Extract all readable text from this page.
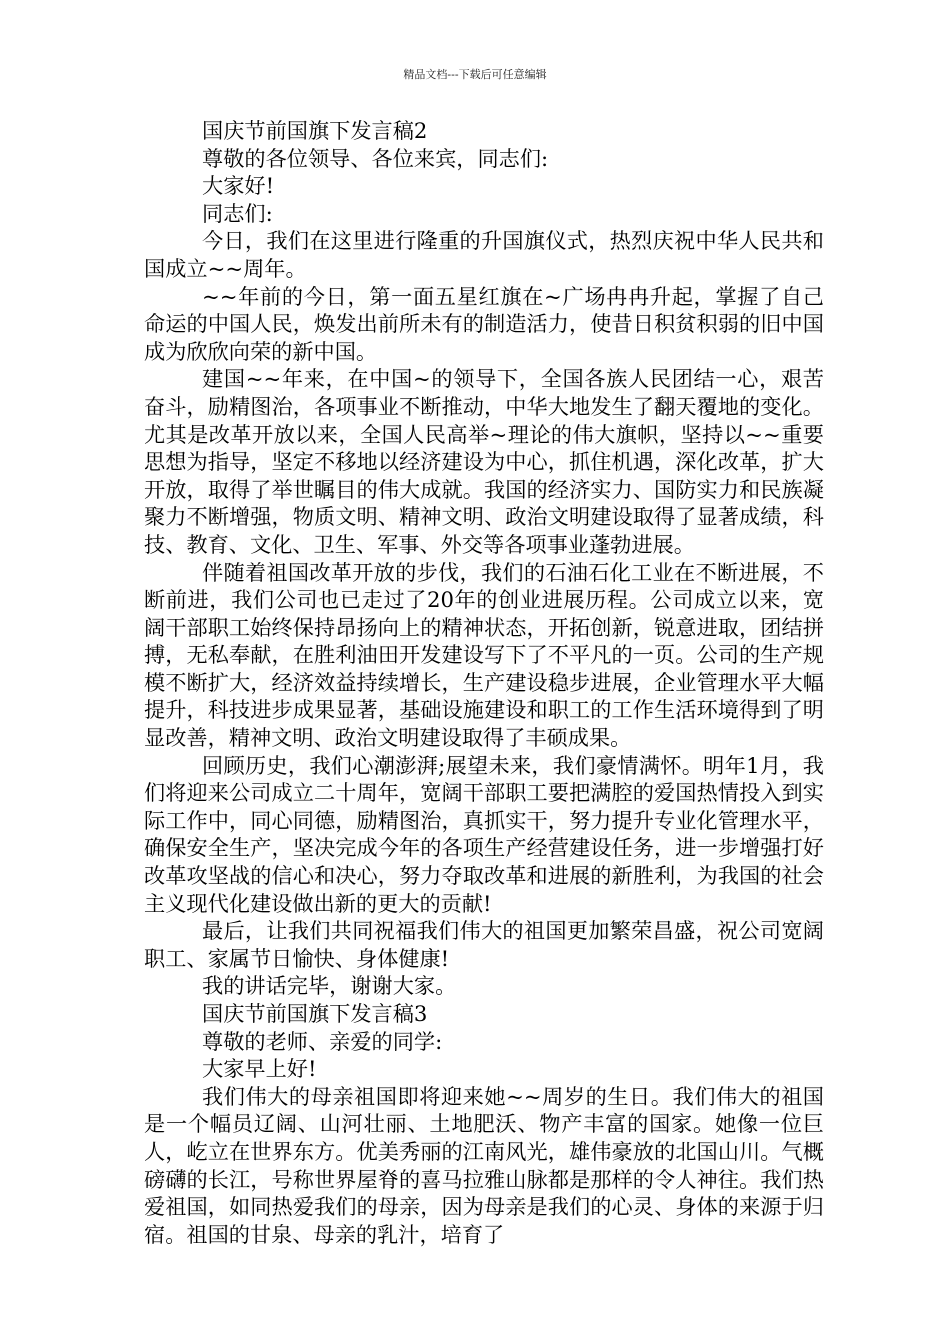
精品文档---下载后可任意编辑

国庆节前国旗下发言稿2

尊敬的各位领导、各位来宾，同志们:

大家好!

同志们:

今日，我们在这里进行隆重的升国旗仪式，热烈庆祝中华人民共和国成立~~周年。

~~年前的今日，第一面五星红旗在~广场冉冉升起，掌握了自己命运的中国人民，焕发出前所未有的制造活力，使昔日积贫积弱的旧中国成为欣欣向荣的新中国。

建国~~年来，在中国~的领导下，全国各族人民团结一心，艰苦奋斗，励精图治，各项事业不断推动，中华大地发生了翻天覆地的变化。尤其是改革开放以来，全国人民高举~理论的伟大旗帜，坚持以~~重要思想为指导，坚定不移地以经济建设为中心，抓住机遇，深化改革，扩大开放，取得了举世瞩目的伟大成就。我国的经济实力、国防实力和民族凝聚力不断增强，物质文明、精神文明、政治文明建设取得了显著成绩，科技、教育、文化、卫生、军事、外交等各项事业蓬勃进展。

伴随着祖国改革开放的步伐，我们的石油石化工业在不断进展，不断前进，我们公司也已走过了20年的创业进展历程。公司成立以来，宽阔干部职工始终保持昂扬向上的精神状态，开拓创新，锐意进取，团结拼搏，无私奉献，在胜利油田开发建设写下了不平凡的一页。公司的生产规模不断扩大，经济效益持续增长，生产建设稳步进展，企业管理水平大幅提升，科技进步成果显著，基础设施建设和职工的工作生活环境得到了明显改善，精神文明、政治文明建设取得了丰硕成果。

回顾历史，我们心潮澎湃;展望未来，我们豪情满怀。明年1月，我们将迎来公司成立二十周年，宽阔干部职工要把满腔的爱国热情投入到实际工作中，同心同德，励精图治，真抓实干，努力提升专业化管理水平，确保安全生产，坚决完成今年的各项生产经营建设任务，进一步增强打好改革攻坚战的信心和决心，努力夺取改革和进展的新胜利，为我国的社会主义现代化建设做出新的更大的贡献!

最后，让我们共同祝福我们伟大的祖国更加繁荣昌盛，祝公司宽阔职工、家属节日愉快、身体健康!

我的讲话完毕，谢谢大家。

国庆节前国旗下发言稿3

尊敬的老师、亲爱的同学:

大家早上好!

我们伟大的母亲祖国即将迎来她~~周岁的生日。我们伟大的祖国是一个幅员辽阔、山河壮丽、土地肥沃、物产丰富的国家。她像一位巨人，屹立在世界东方。优美秀丽的江南风光，雄伟豪放的北国山川。气概磅礴的长江，号称世界屋脊的喜马拉雅山脉都是那样的令人神往。我们热爱祖国，如同热爱我们的母亲，因为母亲是我们的心灵、身体的来源于归宿。祖国的甘泉、母亲的乳汁，培育了
